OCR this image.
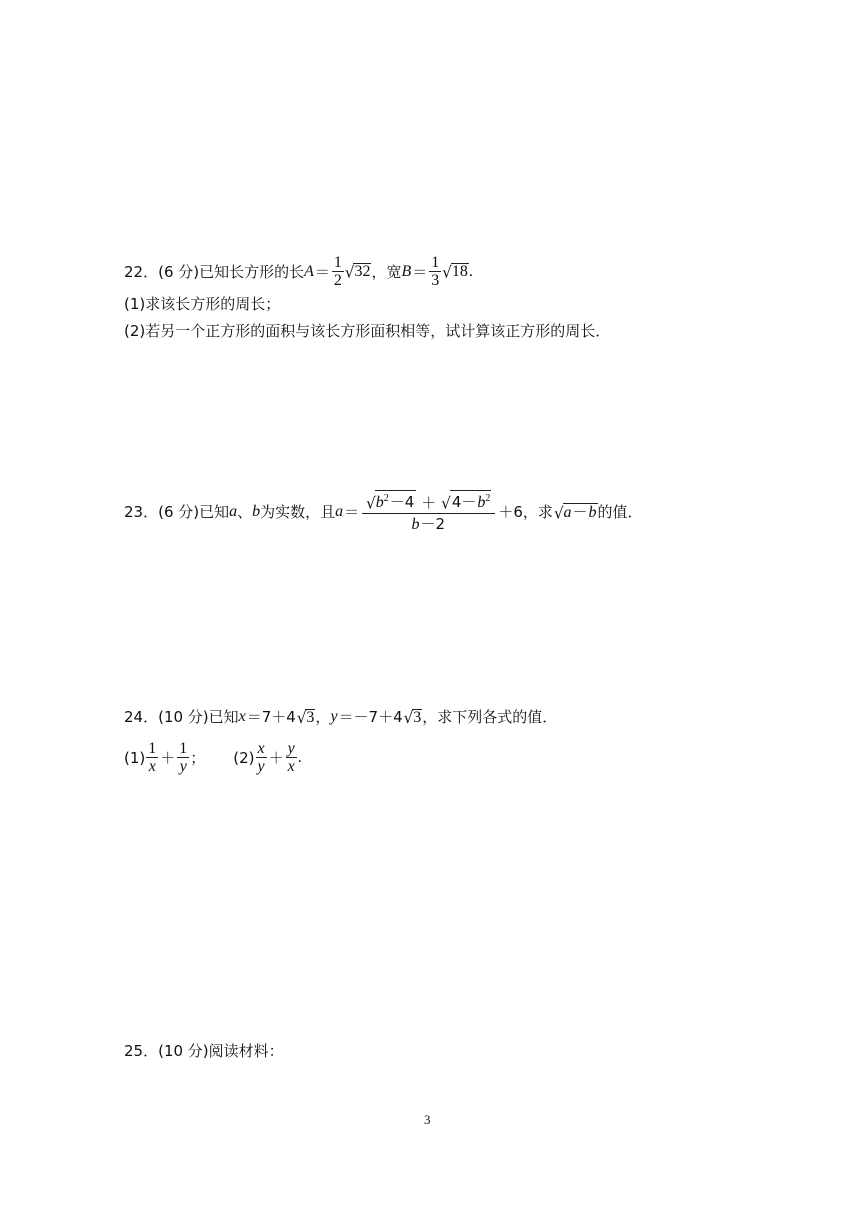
22．(6 分)已知长方形的长 $A = \frac{1}{2}$ √ 32 ，宽 $B = \frac{1}{3}$ √ 18 .
(1)求该长方形的周长；
(2)若另一个正方形的面积与该长方形面积相等，试计算该正方形的周长．
23．(6 分)已知 a 、 b 为实数，且 $a = \frac{√ b^2-4 + √ 4-b^2}{b-2} +6$，求 √ a－b 的值．
24．(10 分)已知 x ＝7＋4 √ 3 ， y ＝－7＋4 √ 3 ，求下列各式的值．
$(1) \frac{1}{x} + \frac{1}{y}$ ； $(2) \frac{x}{y} + \frac{y}{x}$ .
25．(10 分)阅读材料：
3
